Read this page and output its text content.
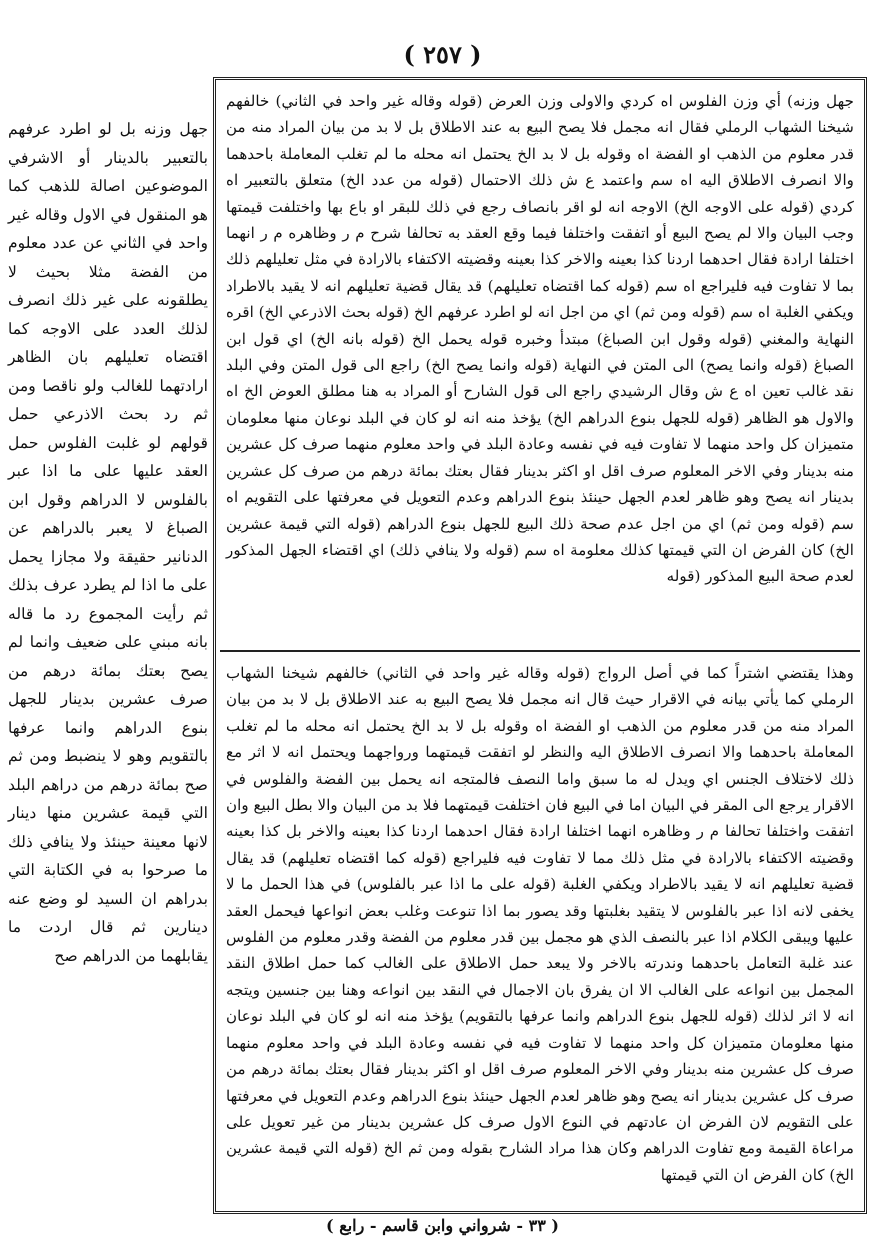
( ٢٥٧ )
جهل وزنه بل لو اطرد عرفهم بالتعبير بالدينار أو الاشرفي الموضوعين اصالة للذهب كما هو المنقول في الاول وقاله غير واحد في الثاني عن عدد معلوم من الفضة مثلا بحيث لا يطلقونه على غير ذلك انصرف لذلك العدد على الاوجه كما اقتضاه تعليلهم بان الظاهر ارادتهما للغالب ولو ناقصا ومن ثم رد بحث الاذرعي حمل قولهم لو غلبت الفلوس حمل العقد عليها على ما اذا عبر بالفلوس لا الدراهم وقول ابن الصباغ لا يعبر بالدراهم عن الدنانير حقيقة ولا مجازا يحمل على ما اذا لم يطرد عرف بذلك ثم رأيت المجموع رد ما قاله بانه مبني على ضعيف وانما لم يصح بعتك بمائة درهم من صرف عشرين بدينار للجهل بنوع الدراهم وانما عرفها بالتقويم وهو لا ينضبط ومن ثم صح بمائة درهم من دراهم البلد التي قيمة عشرين منها دينار لانها معينة حينئذ ولا ينافي ذلك ما صرحوا به في الكتابة التي بدراهم ان السيد لو وضع عنه دينارين ثم قال اردت ما يقابلهما من الدراهم صح
جهل وزنه) أي وزن الفلوس اه كردي والاولى وزن العرض (قوله وقاله غير واحد في الثاني) خالفهم شيخنا الشهاب الرملي فقال انه مجمل فلا يصح البيع به عند الاطلاق بل لا بد من بيان المراد منه من قدر معلوم من الذهب او الفضة اه وقوله بل لا بد الخ يحتمل انه محله ما لم تغلب المعاملة باحدهما والا انصرف الاطلاق اليه اه سم واعتمد ع ش ذلك الاحتمال (قوله من عدد الخ) متعلق بالتعبير اه كردي (قوله على الاوجه الخ) الاوجه انه لو اقر بانصاف رجع في ذلك للبقر او باع بها واختلفت قيمتها وجب البيان والا لم يصح البيع أو اتفقت واختلفا فيما وقع العقد به تحالفا شرح م ر وظاهره م ر انهما اختلفا ارادة فقال احدهما اردنا كذا بعينه والاخر كذا بعينه وقضيته الاكتفاء بالارادة في مثل تعليلهم ذلك بما لا تفاوت فيه فليراجع اه سم (قوله كما اقتضاه تعليلهم) قد يقال قضية تعليلهم انه لا يقيد بالاطراد ويكفي الغلبة اه سم (قوله ومن ثم) اي من اجل انه لو اطرد عرفهم الخ (قوله بحث الاذرعي الخ) اقره النهاية والمغني (قوله وقول ابن الصباغ) مبتدأ وخبره قوله يحمل الخ (قوله بانه الخ) اي قول ابن الصباغ (قوله وانما يصح) الى المتن في النهاية (قوله وانما يصح الخ) راجع الى قول المتن وفي البلد نقد غالب تعين اه ع ش وقال الرشيدي راجع الى قول الشارح أو المراد به هنا مطلق العوض الخ اه والاول هو الظاهر (قوله للجهل بنوع الدراهم الخ) يؤخذ منه انه لو كان في البلد نوعان منها معلومان متميزان كل واحد منهما لا تفاوت فيه في نفسه وعادة البلد في واحد معلوم منهما صرف كل عشرين منه بدينار وفي الاخر المعلوم صرف اقل او اكثر بدينار فقال بعتك بمائة درهم من صرف كل عشرين بدينار انه يصح وهو ظاهر لعدم الجهل حينئذ بنوع الدراهم وعدم التعويل في معرفتها على التقويم اه سم (قوله ومن ثم) اي من اجل عدم صحة ذلك البيع للجهل بنوع الدراهم (قوله التي قيمة عشرين الخ) كان الفرض ان التي قيمتها كذلك معلومة اه سم (قوله ولا ينافي ذلك) اي اقتضاء الجهل المذكور لعدم صحة البيع المذكور (قوله
وهذا يقتضي اشتراً كما في أصل الرواج (قوله وقاله غير واحد في الثاني) خالفهم شيخنا الشهاب الرملي كما يأتي بيانه في الاقرار حيث قال انه مجمل فلا يصح البيع به عند الاطلاق بل لا بد من بيان المراد منه من قدر معلوم من الذهب او الفضة اه وقوله بل لا بد الخ يحتمل انه محله ما لم تغلب المعاملة باحدهما والا انصرف الاطلاق اليه والنظر لو اتفقت قيمتهما ورواجهما ويحتمل انه لا اثر مع ذلك لاختلاف الجنس اي ويدل له ما سبق واما النصف فالمتجه انه يحمل بين الفضة والفلوس في الاقرار يرجع الى المقر في البيان اما في البيع فان اختلفت قيمتهما فلا بد من البيان والا بطل البيع وان اتفقت واختلفا تحالفا م ر وظاهره انهما اختلفا ارادة فقال احدهما اردنا كذا بعينه والاخر بل كذا بعينه وقضيته الاكتفاء بالارادة في مثل ذلك مما لا تفاوت فيه فليراجع (قوله كما اقتضاه تعليلهم) قد يقال قضية تعليلهم انه لا يقيد بالاطراد ويكفي الغلبة (قوله على ما اذا عبر بالفلوس) في هذا الحمل ما لا يخفى لانه اذا عبر بالفلوس لا يتقيد بغلبتها وقد يصور بما اذا تنوعت وغلب بعض انواعها فيحمل العقد عليها ويبقى الكلام اذا عبر بالنصف الذي هو مجمل بين قدر معلوم من الفضة وقدر معلوم من الفلوس عند غلبة التعامل باحدهما وندرته بالاخر ولا يبعد حمل الاطلاق على الغالب كما حمل اطلاق النقد المجمل بين انواعه على الغالب الا ان يفرق بان الاجمال في النقد بين انواعه وهنا بين جنسين ويتجه انه لا اثر لذلك (قوله للجهل بنوع الدراهم وانما عرفها بالتقويم) يؤخذ منه انه لو كان في البلد نوعان منها معلومان متميزان كل واحد منهما لا تفاوت فيه في نفسه وعادة البلد في واحد معلوم منهما صرف كل عشرين منه بدينار وفي الاخر المعلوم صرف اقل او اكثر بدينار فقال بعتك بمائة درهم من صرف كل عشرين بدينار انه يصح وهو ظاهر لعدم الجهل حينئذ بنوع الدراهم وعدم التعويل في معرفتها على التقويم لان الفرض ان عادتهم في النوع الاول صرف كل عشرين بدينار من غير تعويل على مراعاة القيمة ومع تفاوت الدراهم وكان هذا مراد الشارح بقوله ومن ثم الخ (قوله التي قيمة عشرين الخ) كان الفرض ان التي قيمتها
( ٣٣ - شرواني وابن قاسم - رابع )
